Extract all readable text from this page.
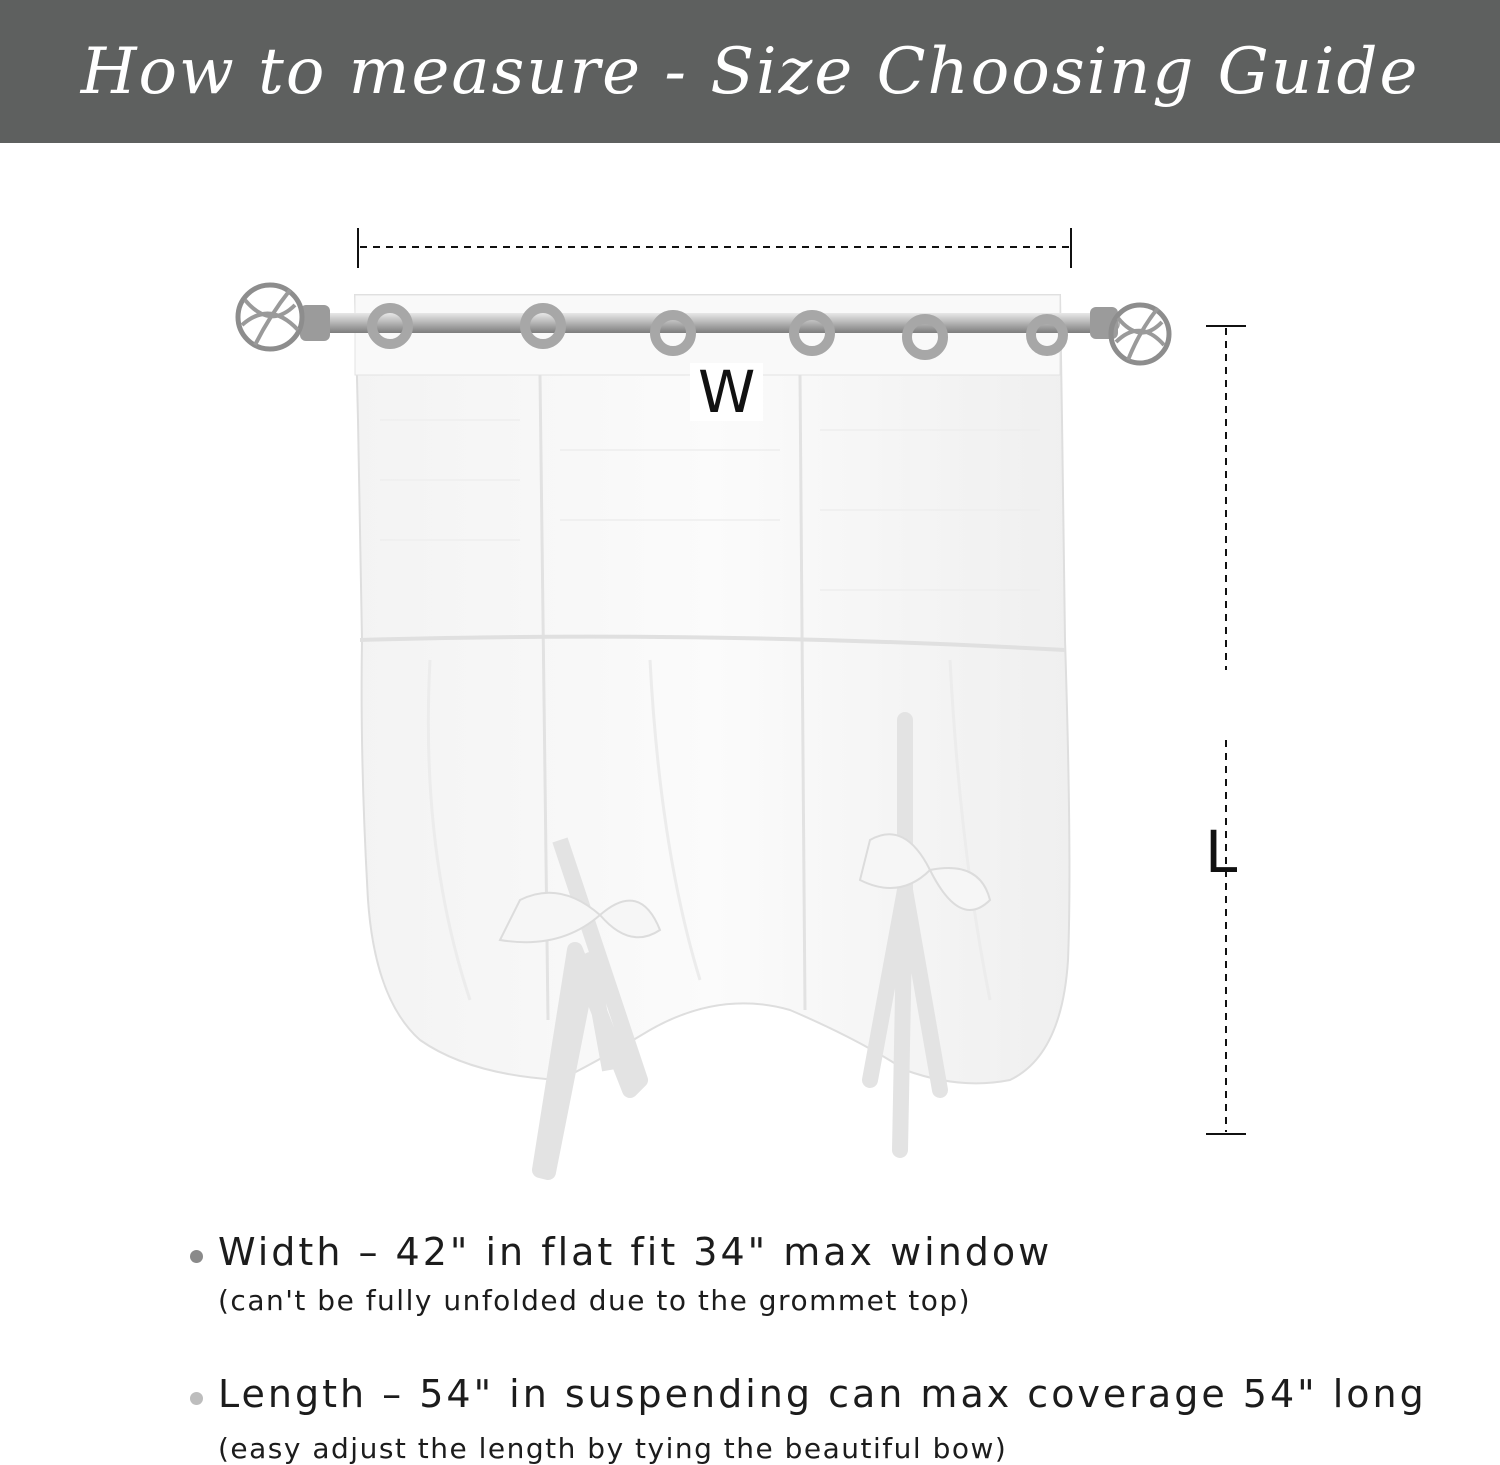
How to measure - Size Choosing Guide
W
L
Width – 42" in flat fit 34" max window
(can't be fully unfolded due to the grommet top)
Length – 54" in suspending can max coverage 54" long
(easy adjust the length by tying the beautiful bow)
